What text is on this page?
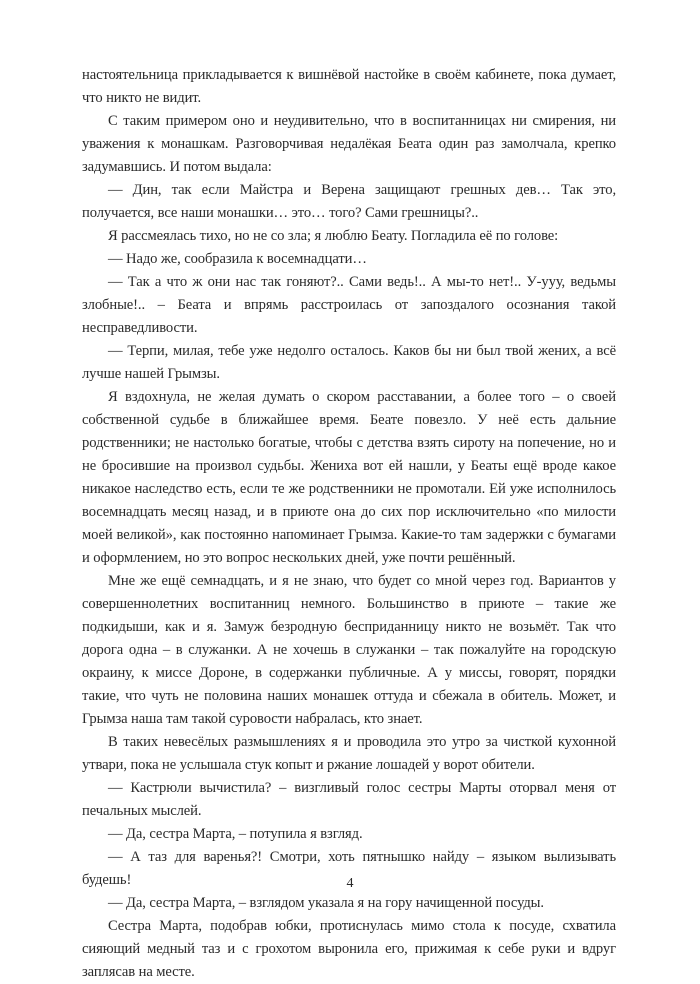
настоятельница прикладывается к вишнёвой настойке в своём кабинете, пока думает, что никто не видит.

С таким примером оно и неудивительно, что в воспитанницах ни смирения, ни уважения к монашкам. Разговорчивая недалёкая Беата один раз замолчала, крепко задумавшись. И потом выдала:

— Дин, так если Майстра и Верена защищают грешных дев… Так это, получается, все наши монашки… это… того? Сами грешницы?..

Я рассмеялась тихо, но не со зла; я люблю Беату. Погладила её по голове:

— Надо же, сообразила к восемнадцати…

— Так а что ж они нас так гоняют?.. Сами ведь!.. А мы-то нет!.. У-ууу, ведьмы злобные!.. – Беата и впрямь расстроилась от запоздалого осознания такой несправедливости.

— Терпи, милая, тебе уже недолго осталось. Каков бы ни был твой жених, а всё лучше нашей Грымзы.

Я вздохнула, не желая думать о скором расставании, а более того – о своей собственной судьбе в ближайшее время. Беате повезло. У неё есть дальние родственники; не настолько богатые, чтобы с детства взять сироту на попечение, но и не бросившие на произвол судьбы. Жениха вот ей нашли, у Беаты ещё вроде какое никакое наследство есть, если те же родственники не промотали. Ей уже исполнилось восемнадцать месяц назад, и в приюте она до сих пор исключительно «по милости моей великой», как постоянно напоминает Грымза. Какие-то там задержки с бумагами и оформлением, но это вопрос нескольких дней, уже почти решённый.

Мне же ещё семнадцать, и я не знаю, что будет со мной через год. Вариантов у совершеннолетних воспитанниц немного. Большинство в приюте – такие же подкидыши, как и я. Замуж безродную бесприданницу никто не возьмёт. Так что дорога одна – в служанки. А не хочешь в служанки – так пожалуйте на городскую окраину, к миссе Дороне, в содержанки публичные. А у миссы, говорят, порядки такие, что чуть не половина наших монашек оттуда и сбежала в обитель. Может, и Грымза наша там такой суровости набралась, кто знает.

В таких невесёлых размышлениях я и проводила это утро за чисткой кухонной утвари, пока не услышала стук копыт и ржание лошадей у ворот обители.

— Кастрюли вычистила? – визгливый голос сестры Марты оторвал меня от печальных мыслей.

— Да, сестра Марта, – потупила я взгляд.

— А таз для варенья?! Смотри, хоть пятнышко найду – языком вылизывать будешь!

— Да, сестра Марта, – взглядом указала я на гору начищенной посуды.

Сестра Марта, подобрав юбки, протиснулась мимо стола к посуде, схватила сияющий медный таз и с грохотом выронила его, прижимая к себе руки и вдруг заплясав на месте.

4
